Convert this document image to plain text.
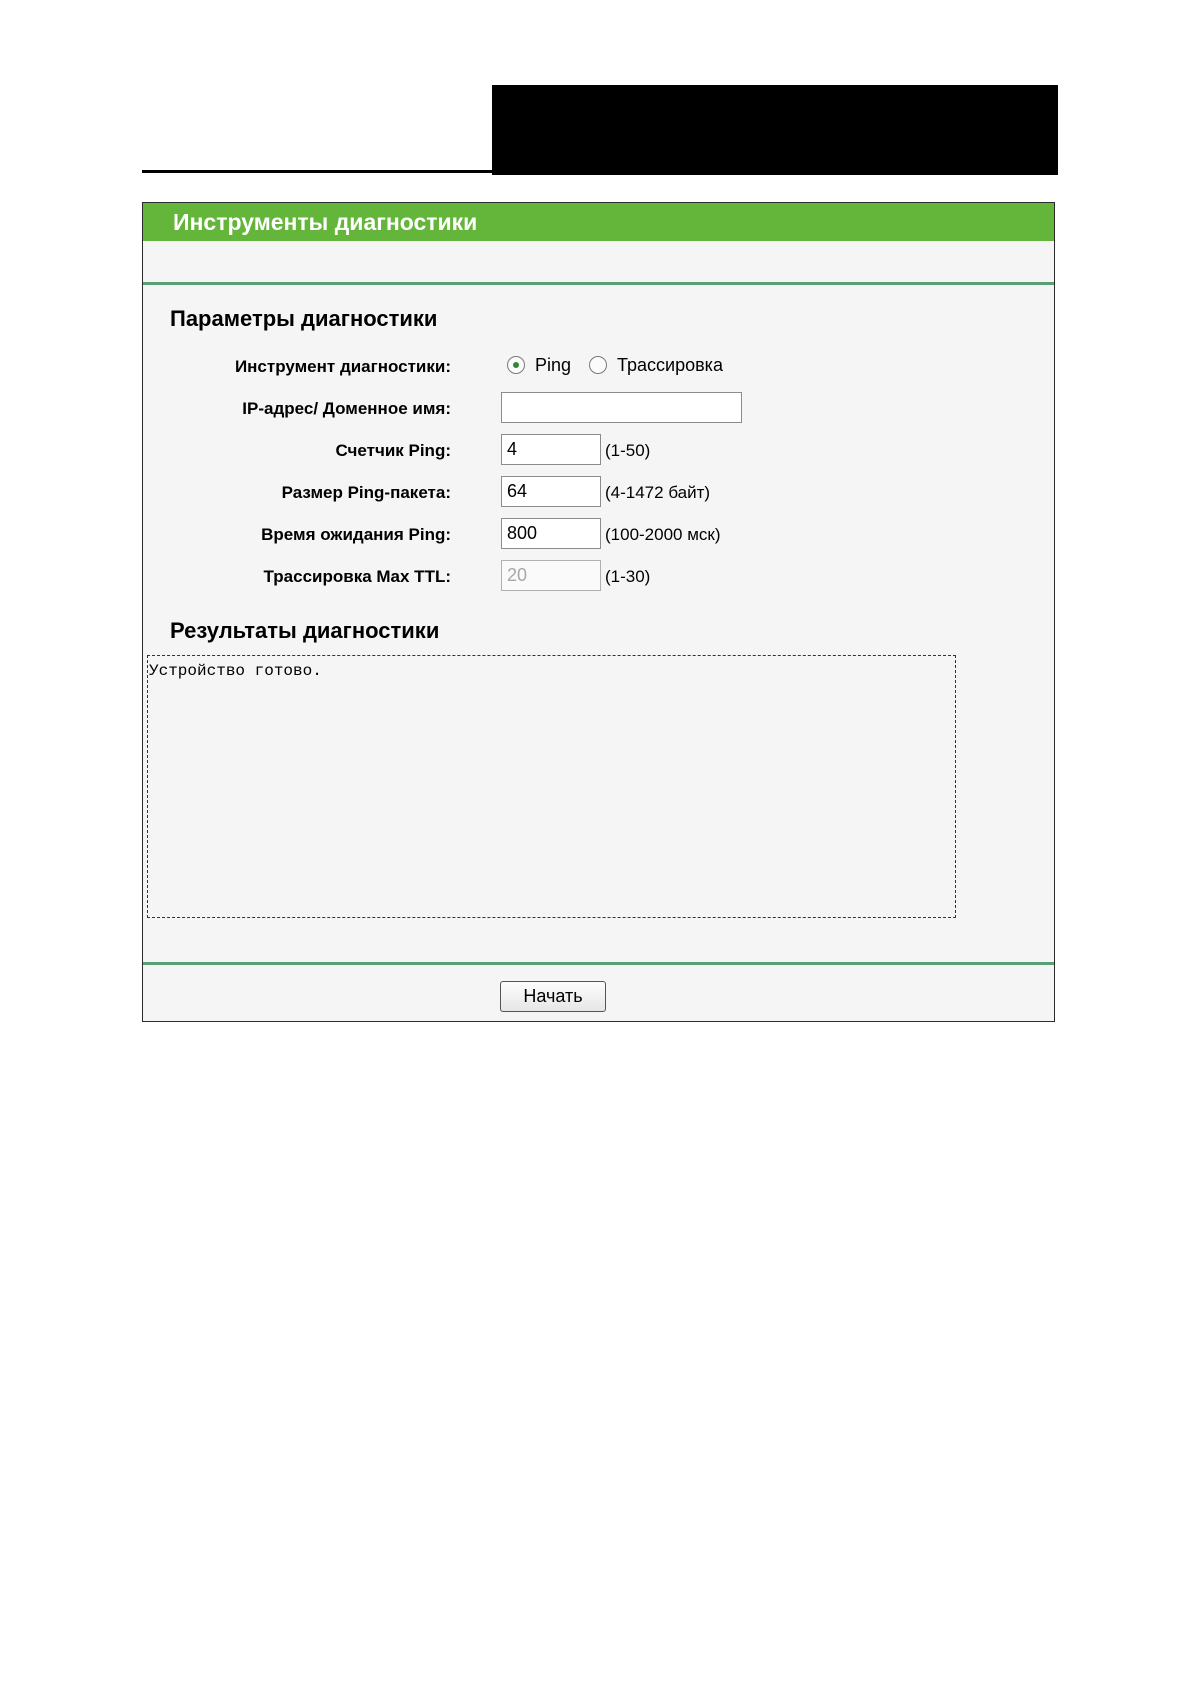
Инструменты диагностики
Параметры диагностики
Инструмент диагностики:	Ping	Трассировка
IP-адрес/ Доменное имя:
Счетчик Ping:
4	(1-50)
Размер Ping-пакета:
64	(4-1472 байт)
Время ожидания Ping:
800	(100-2000 мск)
Трассировка Max TTL:
20	(1-30)
Результаты диагностики
Устройство готово.
Начать
